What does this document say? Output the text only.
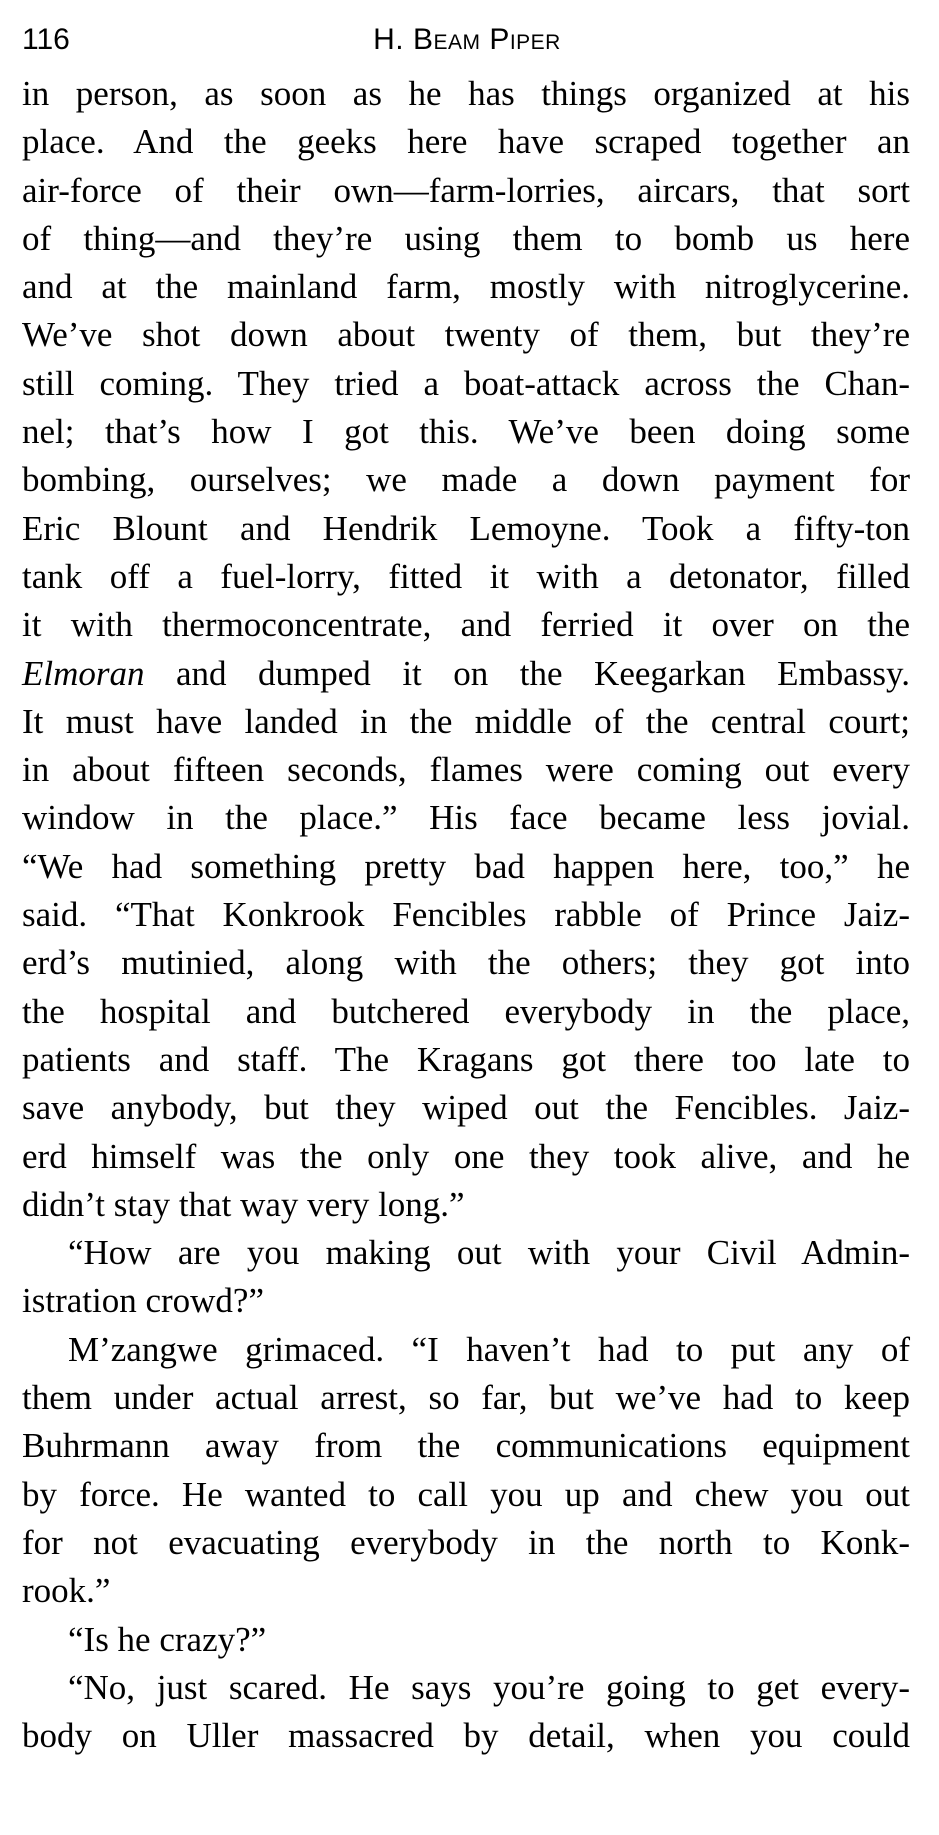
116	H. Beam Piper
in person, as soon as he has things organized at his
place. And the geeks here have scraped together an
air-force of their own—farm-lorries, aircars, that sort
of thing—and they’re using them to bomb us here
and at the mainland farm, mostly with nitroglycerine.
We’ve shot down about twenty of them, but they’re
still coming. They tried a boat-attack across the Chan-
nel; that’s how I got this. We’ve been doing some
bombing, ourselves; we made a down payment for
Eric Blount and Hendrik Lemoyne. Took a fifty-ton
tank off a fuel-lorry, fitted it with a detonator, filled
it with thermoconcentrate, and ferried it over on the
Elmoran and dumped it on the Keegarkan Embassy.
It must have landed in the middle of the central court;
in about fifteen seconds, flames were coming out every
window in the place.” His face became less jovial.
“We had something pretty bad happen here, too,” he
said. “That Konkrook Fencibles rabble of Prince Jaiz-
erd’s mutinied, along with the others; they got into
the hospital and butchered everybody in the place,
patients and staff. The Kragans got there too late to
save anybody, but they wiped out the Fencibles. Jaiz-
erd himself was the only one they took alive, and he
didn’t stay that way very long.”
“How are you making out with your Civil Admin-
istration crowd?”
M’zangwe grimaced. “I haven’t had to put any of
them under actual arrest, so far, but we’ve had to keep
Buhrmann away from the communications equipment
by force. He wanted to call you up and chew you out
for not evacuating everybody in the north to Konk-
rook.”
“Is he crazy?”
“No, just scared. He says you’re going to get every-
body on Uller massacred by detail, when you could
